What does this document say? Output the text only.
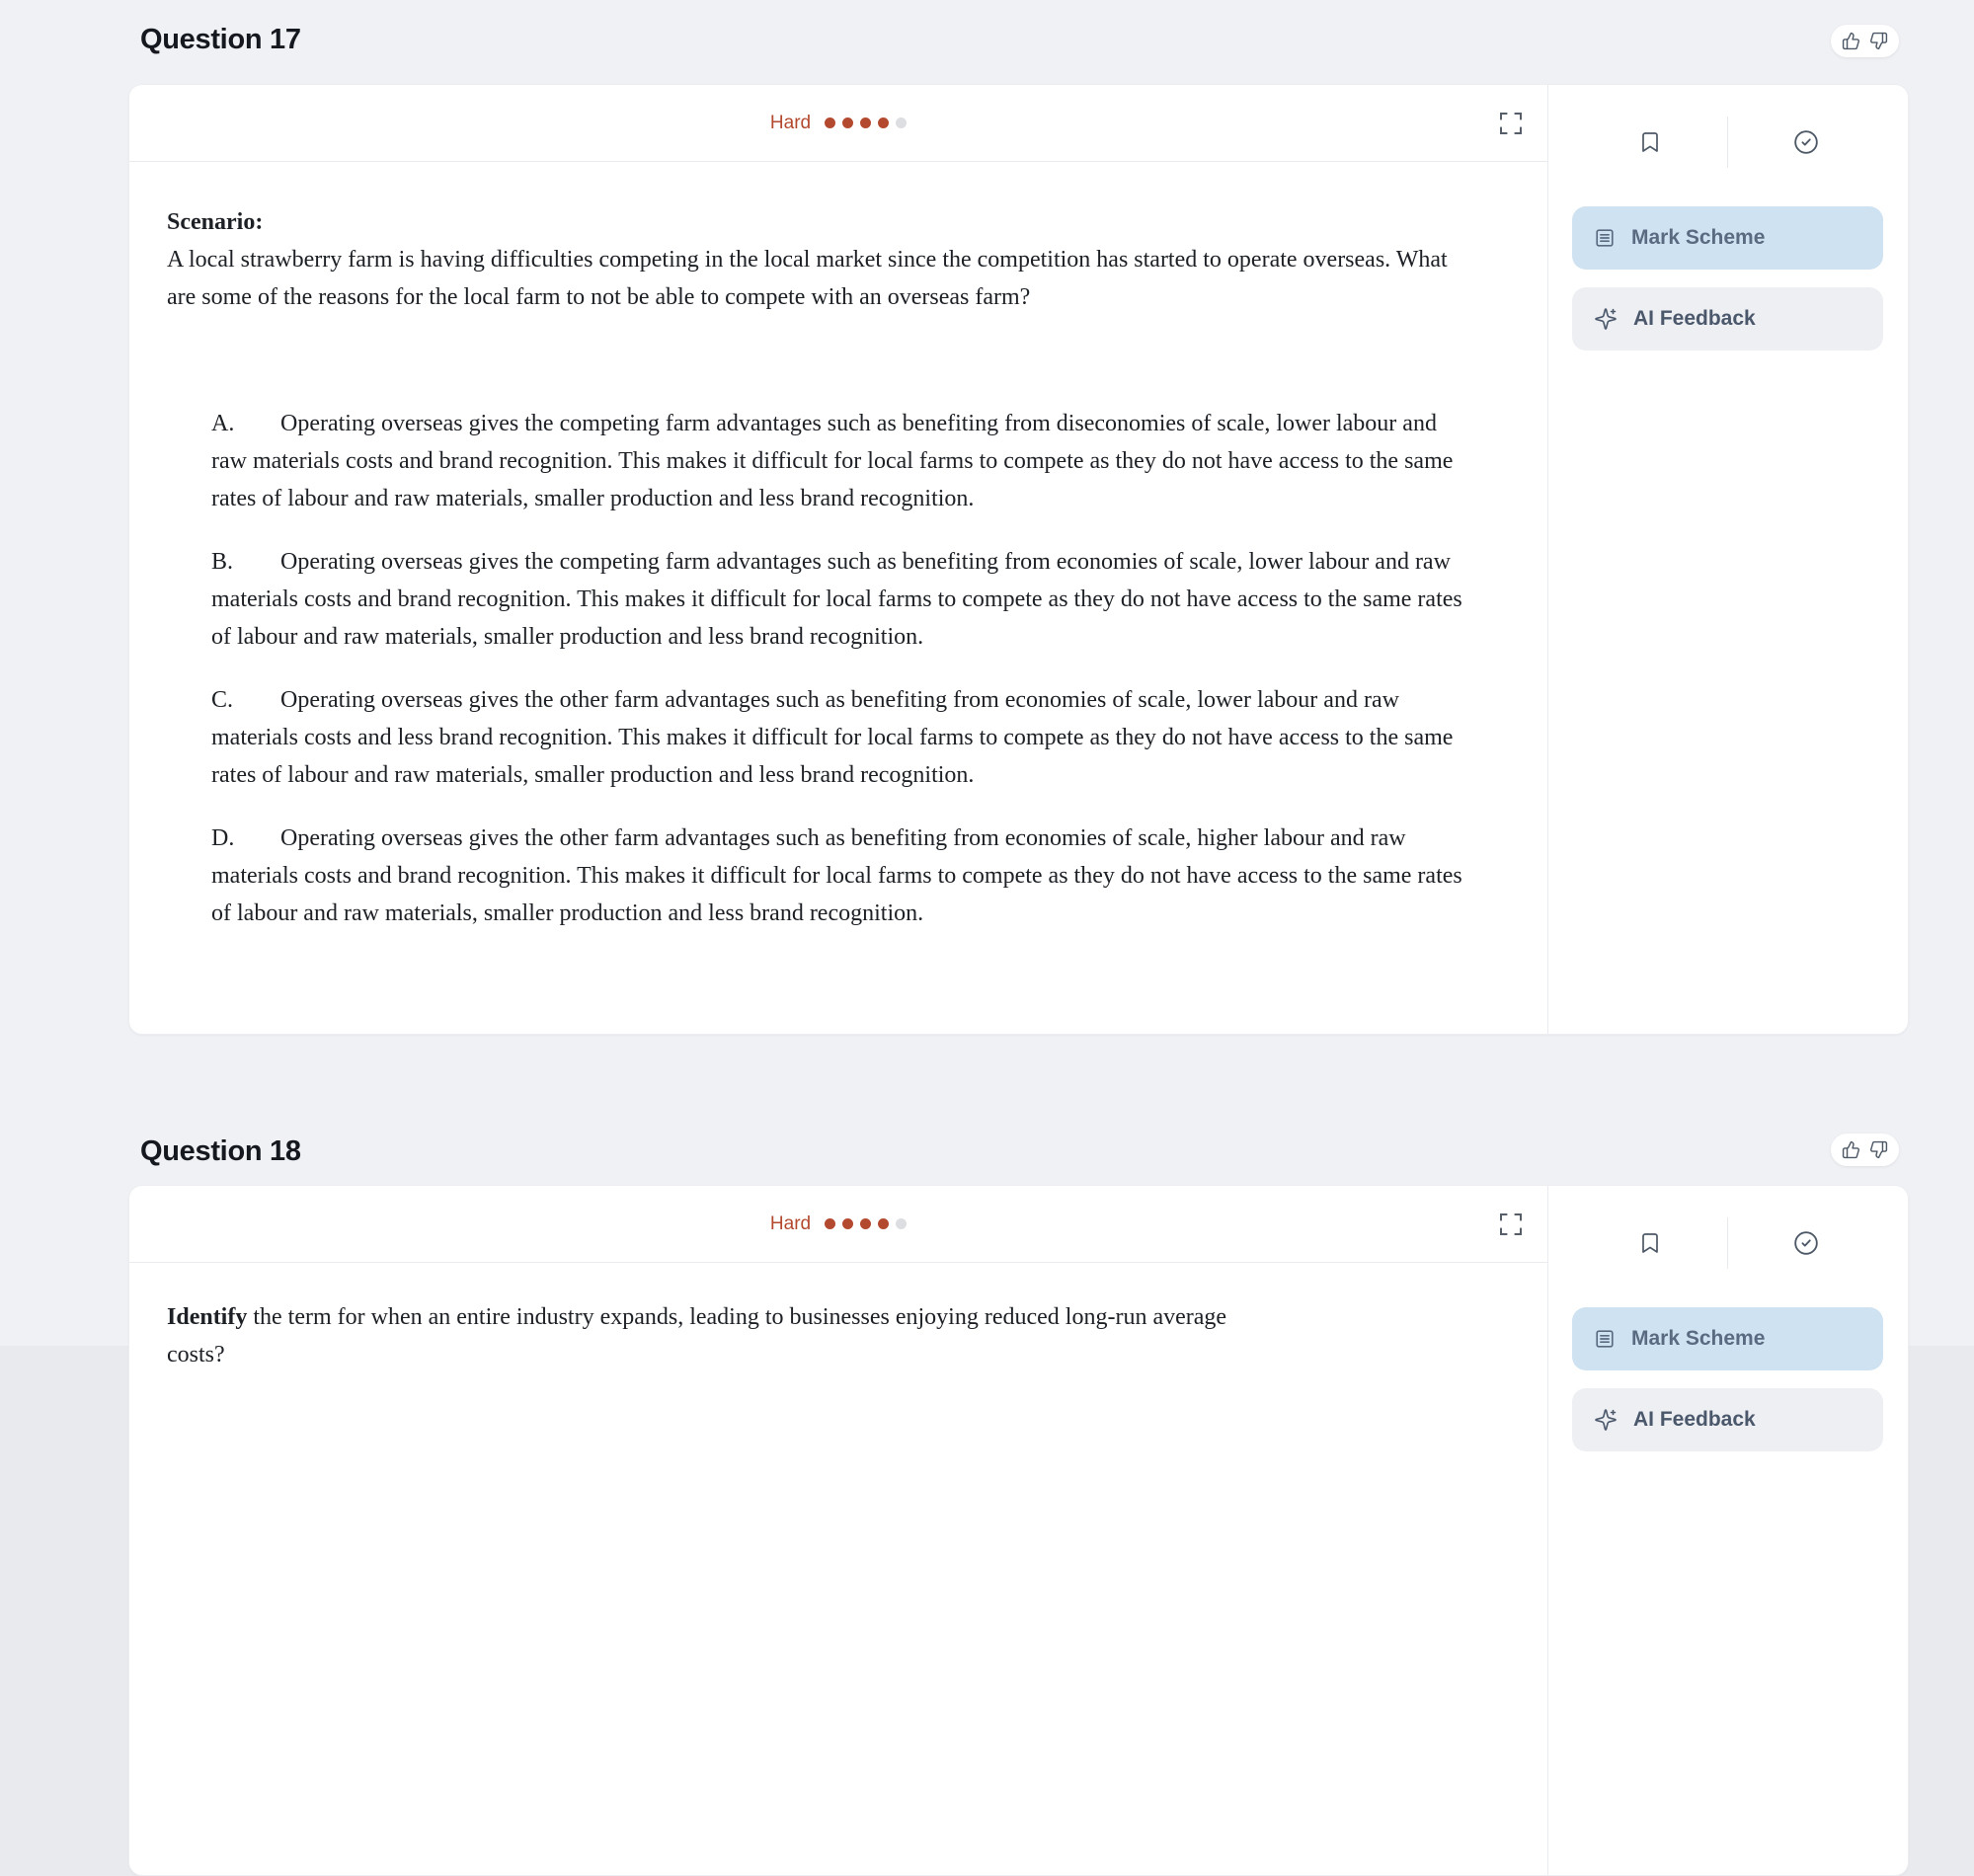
Question 17
Hard
Scenario:

A local strawberry farm is having difficulties competing in the local market since the competition has started to operate overseas. What are some of the reasons for the local farm to not be able to compete with an overseas farm?

A. Operating overseas gives the competing farm advantages such as benefiting from diseconomies of scale, lower labour and raw materials costs and brand recognition. This makes it difficult for local farms to compete as they do not have access to the same rates of labour and raw materials, smaller production and less brand recognition.
B. Operating overseas gives the competing farm advantages such as benefiting from economies of scale, lower labour and raw materials costs and brand recognition. This makes it difficult for local farms to compete as they do not have access to the same rates of labour and raw materials, smaller production and less brand recognition.
C. Operating overseas gives the other farm advantages such as benefiting from economies of scale, lower labour and raw materials costs and less brand recognition. This makes it difficult for local farms to compete as they do not have access to the same rates of labour and raw materials, smaller production and less brand recognition.
D. Operating overseas gives the other farm advantages such as benefiting from economies of scale, higher labour and raw materials costs and brand recognition. This makes it difficult for local farms to compete as they do not have access to the same rates of labour and raw materials, smaller production and less brand recognition.
Mark Scheme
AI Feedback
Question 18
Hard

Identify the term for when an entire industry expands, leading to businesses enjoying reduced long-run average

costs?

Mark Scheme
AI Feedback
